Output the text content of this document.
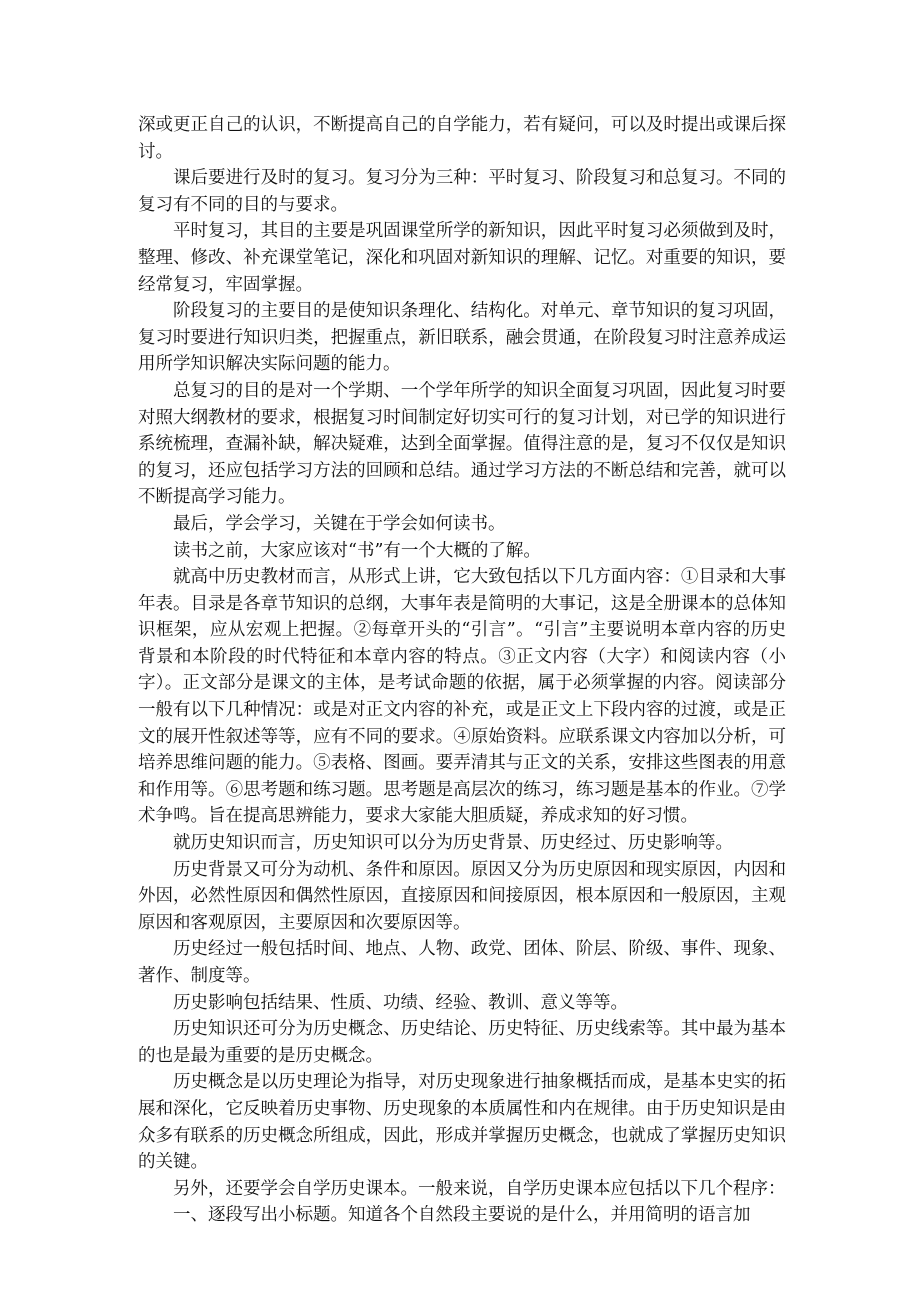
深或更正自己的认识，不断提高自己的自学能力，若有疑问，可以及时提出或课后探讨。

课后要进行及时的复习。复习分为三种：平时复习、阶段复习和总复习。不同的复习有不同的目的与要求。

平时复习，其目的主要是巩固课堂所学的新知识，因此平时复习必须做到及时，整理、修改、补充课堂笔记，深化和巩固对新知识的理解、记忆。对重要的知识，要经常复习，牢固掌握。

阶段复习的主要目的是使知识条理化、结构化。对单元、章节知识的复习巩固，复习时要进行知识归类，把握重点，新旧联系，融会贯通，在阶段复习时注意养成运用所学知识解决实际问题的能力。

总复习的目的是对一个学期、一个学年所学的知识全面复习巩固，因此复习时要对照大纲教材的要求，根据复习时间制定好切实可行的复习计划，对已学的知识进行系统梳理，查漏补缺，解决疑难，达到全面掌握。值得注意的是，复习不仅仅是知识的复习，还应包括学习方法的回顾和总结。通过学习方法的不断总结和完善，就可以不断提高学习能力。

最后，学会学习，关键在于学会如何读书。

读书之前，大家应该对“书”有一个大概的了解。

就高中历史教材而言，从形式上讲，它大致包括以下几方面内容：①目录和大事年表。目录是各章节知识的总纲，大事年表是简明的大事记，这是全册课本的总体知识框架，应从宏观上把握。②每章开头的“引言”。“引言”主要说明本章内容的历史背景和本阶段的时代特征和本章内容的特点。③正文内容（大字）和阅读内容（小字）。正文部分是课文的主体，是考试命题的依据，属于必须掌握的内容。阅读部分一般有以下几种情况：或是对正文内容的补充，或是正文上下段内容的过渡，或是正文的展开性叙述等等，应有不同的要求。④原始资料。应联系课文内容加以分析，可培养思维问题的能力。⑤表格、图画。要弄清其与正文的关系，安排这些图表的用意和作用等。⑥思考题和练习题。思考题是高层次的练习，练习题是基本的作业。⑦学术争鸣。旨在提高思辨能力，要求大家能大胆质疑，养成求知的好习惯。

就历史知识而言，历史知识可以分为历史背景、历史经过、历史影响等。

历史背景又可分为动机、条件和原因。原因又分为历史原因和现实原因，内因和外因，必然性原因和偶然性原因，直接原因和间接原因，根本原因和一般原因，主观原因和客观原因，主要原因和次要原因等。

历史经过一般包括时间、地点、人物、政党、团体、阶层、阶级、事件、现象、著作、制度等。

历史影响包括结果、性质、功绩、经验、教训、意义等等。

历史知识还可分为历史概念、历史结论、历史特征、历史线索等。其中最为基本的也是最为重要的是历史概念。

历史概念是以历史理论为指导，对历史现象进行抽象概括而成，是基本史实的拓展和深化，它反映着历史事物、历史现象的本质属性和内在规律。由于历史知识是由众多有联系的历史概念所组成，因此，形成并掌握历史概念，也就成了掌握历史知识的关键。

另外，还要学会自学历史课本。一般来说，自学历史课本应包括以下几个程序：

一、逐段写出小标题。知道各个自然段主要说的是什么，并用简明的语言加
